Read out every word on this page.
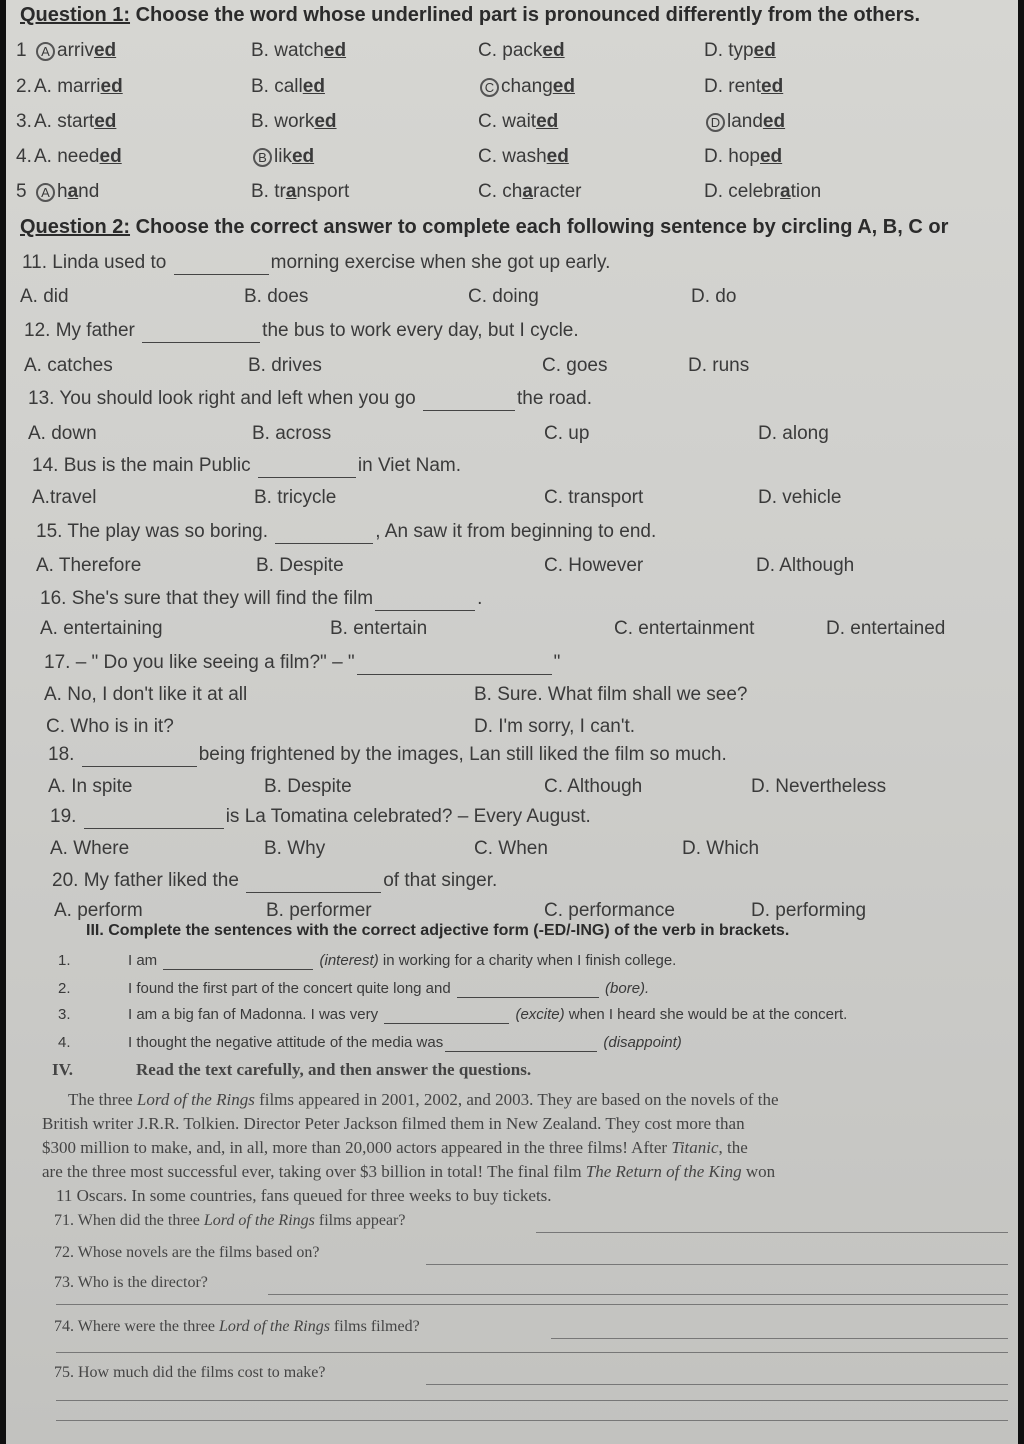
Question 1: Choose the word whose underlined part is pronounced differently from the others.
1	A arrived	B. watched	C. packed	D. typed
2. A. married	B. called	C changed	D. rented
3. A. started	B. worked	C. waited	D landed
4. A. needed	B liked	C. washed	D. hoped
5	A hand	B. transport	C. character	D. celebration
Question 2: Choose the correct answer to complete each following sentence by circling A, B, C or
11. Linda used to	morning exercise when she got up early.
A. did	B. does	C. doing	D. do
12. My father	the bus to work every day, but I cycle.
A. catches	B. drives	C. goes	D. runs
13. You should look right and left when you go	the road.
A. down	B. across	C. up	D. along
14. Bus is the main Public	in Viet Nam.
A.travel	B. tricycle	C. transport	D. vehicle
15. The play was so boring.	, An saw it from beginning to end.
A. Therefore	B. Despite	C. However	D. Although
16. She's sure that they will find the film	.
A. entertaining	B. entertain	C. entertainment	D. entertained
17. – " Do you like seeing a film?" – "	"
A. No, I don't like it at all	B. Sure. What film shall we see?
C. Who is in it?	D. I'm sorry, I can't.
18.	being frightened by the images, Lan still liked the film so much.
A. In spite	B. Despite	C. Although	D. Nevertheless
19.	is La Tomatina celebrated? – Every August.
A. Where	B. Why	C. When	D. Which
20. My father liked the	of that singer.
A. perform	B. performer	C. performance	D. performing
III. Complete the sentences with the correct adjective form (-ED/-ING) of the verb in brackets.
1.	I am	(interest) in working for a charity when I finish college.
2.	I found the first part of the concert quite long and	(bore).
3.	I am a big fan of Madonna. I was very	(excite) when I heard she would be at the concert.
4.	I thought the negative attitude of the media was	(disappoint)
IV.	Read the text carefully, and then answer the questions.
The three Lord of the Rings films appeared in 2001, 2002, and 2003. They are based on the novels of the
British writer J.R.R. Tolkien. Director Peter Jackson filmed them in New Zealand. They cost more than
$300 million to make, and, in all, more than 20,000 actors appeared in the three films! After Titanic, the
are the three most successful ever, taking over $3 billion in total! The final film The Return of the King won
11 Oscars. In some countries, fans queued for three weeks to buy tickets.
71. When did the three Lord of the Rings films appear?
72. Whose novels are the films based on?
73. Who is the director?
74. Where were the three Lord of the Rings films filmed?
75. How much did the films cost to make?
